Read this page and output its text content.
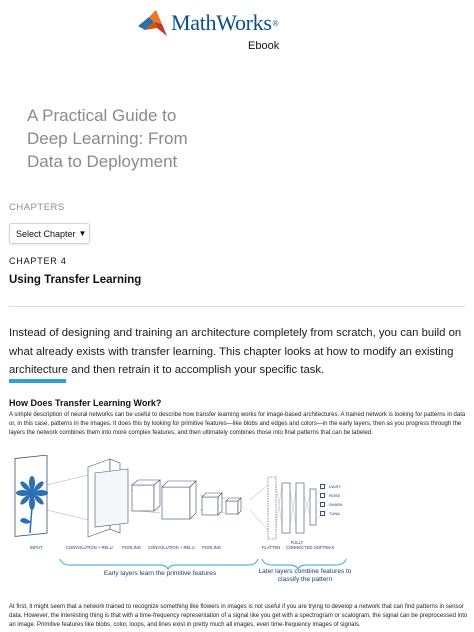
MathWorks ®
Ebook
A Practical Guide to
Deep Learning: From
Data to Deployment
CHAPTERS
Select Chapter ▼
CHAPTER 4
Using Transfer Learning
Instead of designing and training an architecture completely from scratch, you can build on what already exists with transfer learning. This chapter looks at how to modify an existing architecture and then retrain it to accomplish your specific task.
How Does Transfer Learning Work?
A simple description of neural networks can be useful to describe how transfer learning works for image-based architectures. A trained network is looking for patterns in data or, in this case, patterns in the images. It does this by looking for primitive features—like blobs and edges and colors—in the early layers, then as you progress through the layers the network combines them into more complex features, and then ultimately combines those into final patterns that can be labeled.
INPUT	CONVOLUTION + RELU POOLING CONVOLUTION + RELU POOLING	FLATTEN
FULLY CONNECTED SOFTMAX
Early layers learn the primitive features	Later layers combine features to classify the pattern
DAISY
ROSE
SHARK
TUNA
At first, it might seem that a network trained to recognize something like flowers in images is not useful if you are trying to develop a network that can find patterns in sensor data. However, the interesting thing is that with a time-frequency representation of a signal like you get with a spectrogram or scalogram, the signal can be preprocessed into an image. Primitive features like blobs, color, loops, and lines exist in pretty much all images, even time-frequency images of signals.
